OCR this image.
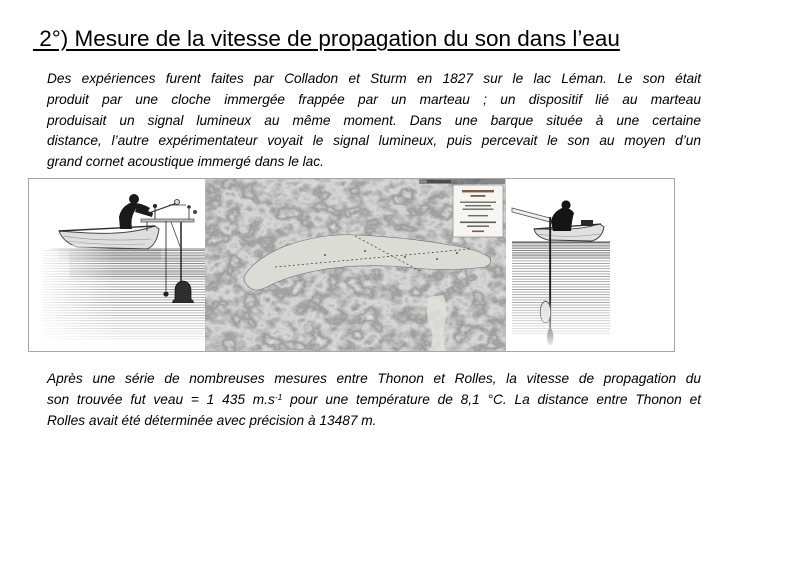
2°) Mesure de la vitesse de propagation du son dans l’eau
Des expériences furent faites par Colladon et Sturm en 1827 sur le lac Léman. Le son était
produit par une cloche immergée frappée par un marteau ; un dispositif lié au marteau
produisait un signal lumineux au même moment. Dans une barque située à une certaine
distance, l’autre expérimentateur voyait le signal lumineux, puis percevait le son au moyen d’un
grand cornet acoustique immergé dans le lac.
Après une série de nombreuses mesures entre Thonon et Rolles, la vitesse de propagation du
son trouvée fut veau = 1 435 $m.s^{-1}$ pour une température de 8,1 °C. La distance entre Thonon et
Rolles avait été déterminée avec précision à 13487 m.
